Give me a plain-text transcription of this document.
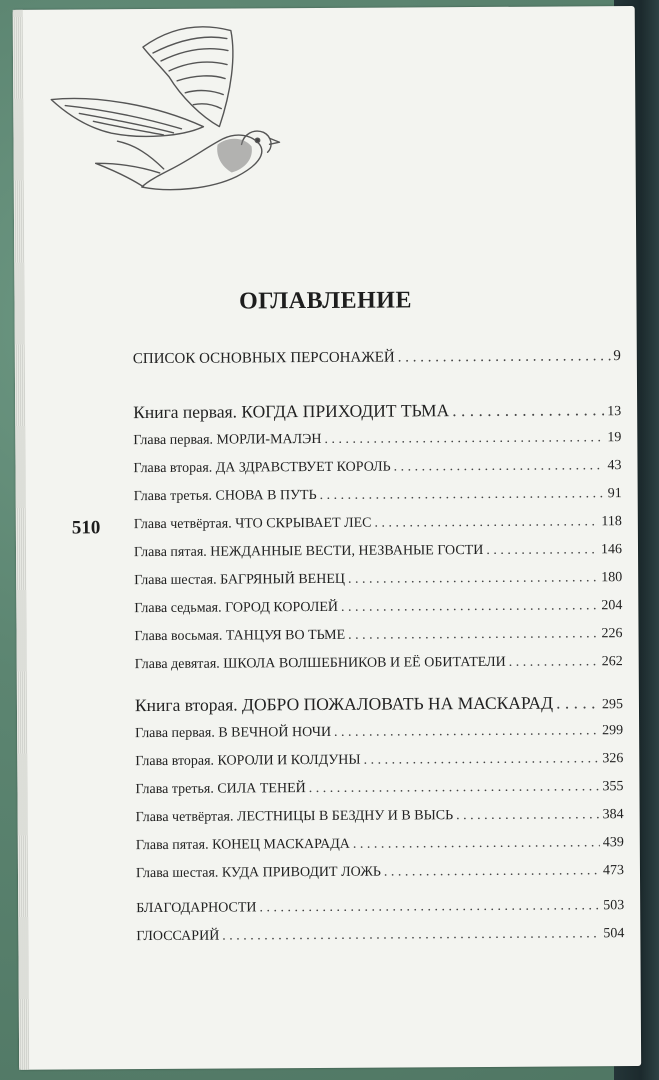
ОГЛАВЛЕНИЕ
510
СПИСОК ОСНОВНЫХ ПЕРСОНАЖЕЙ . . .	9
Книга первая. КОГДА ПРИХОДИТ ТЬМА . . .	13
Глава первая. МОРЛИ-МАЛЭН . . .	19
Глава вторая. ДА ЗДРАВСТВУЕТ КОРОЛЬ . . .	43
Глава третья. СНОВА В ПУТЬ . . .	91
Глава четвёртая. ЧТО СКРЫВАЕТ ЛЕС . . .	118
Глава пятая. НЕЖДАННЫЕ ВЕСТИ, НЕЗВАНЫЕ ГОСТИ . . .	146
Глава шестая. БАГРЯНЫЙ ВЕНЕЦ . . .	180
Глава седьмая. ГОРОД КОРОЛЕЙ . . .	204
Глава восьмая. ТАНЦУЯ ВО ТЬМЕ . . .	226
Глава девятая. ШКОЛА ВОЛШЕБНИКОВ И ЕЁ ОБИТАТЕЛИ . . .	262
Книга вторая. ДОБРО ПОЖАЛОВАТЬ НА МАСКАРАД . . .	295
Глава первая. В ВЕЧНОЙ НОЧИ . . .	299
Глава вторая. КОРОЛИ И КОЛДУНЫ . . .	326
Глава третья. СИЛА ТЕНЕЙ . . .	355
Глава четвёртая. ЛЕСТНИЦЫ В БЕЗДНУ И В ВЫСЬ . . .	384
Глава пятая. КОНЕЦ МАСКАРАДА . . .	439
Глава шестая. КУДА ПРИВОДИТ ЛОЖЬ . . .	473
БЛАГОДАРНОСТИ . . .	503
ГЛОССАРИЙ . . .	504
